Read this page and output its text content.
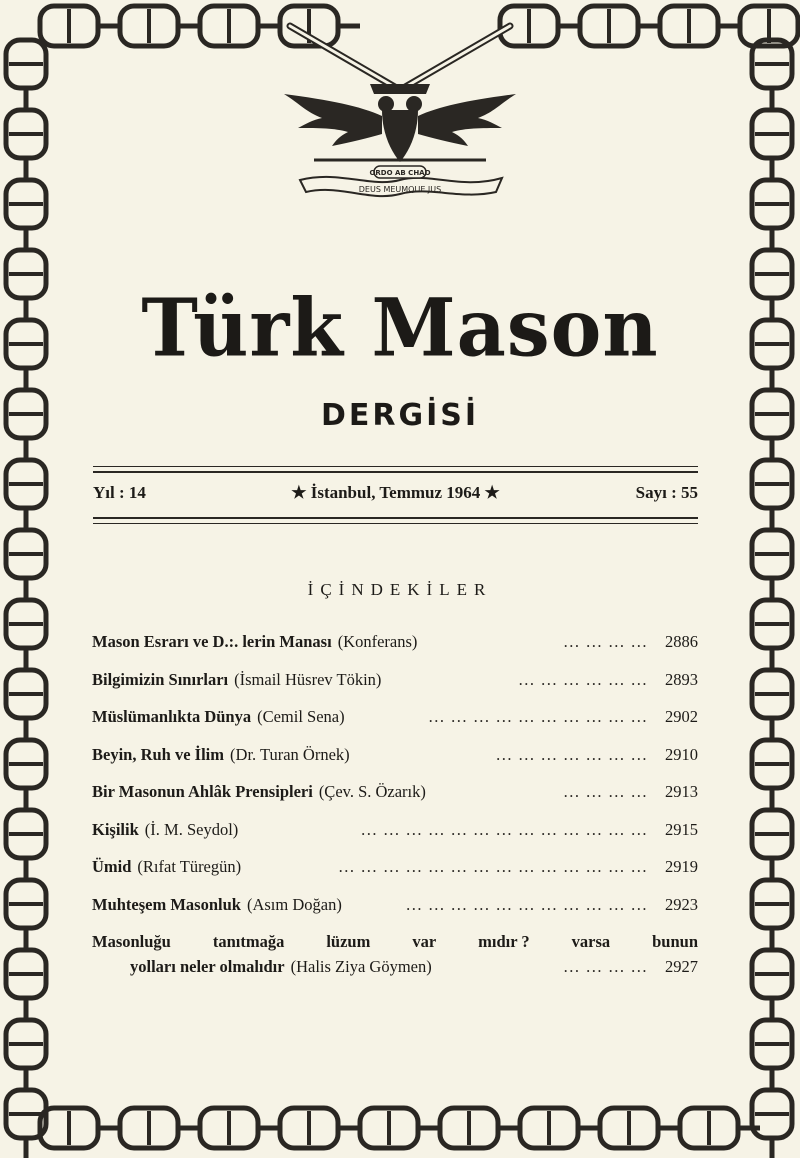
DEUS MEUMQUE JUS
ORDO AB CHAO
Türk Mason
DERGİSİ
Yıl : 14	★ İstanbul, Temmuz 1964 ★	Sayı : 55
İÇİNDEKİLER
Mason Esrarı ve D.:. lerin Manası (Konferans)	... ... ... ...	2886
Bilgimizin Sınırları (İsmail Hüsrev Tökin)	... ... ... ... ... ...	2893
Müslümanlıkta Dünya (Cemil Sena)	... ... ... ... ... ... ... ... ... ...	2902
Beyin, Ruh ve İlim (Dr. Turan Örnek)	... ... ... ... ... ... ...	2910
Bir Masonun Ahlâk Prensipleri (Çev. S. Özarık)	... ... ... ...	2913
Kişilik (İ. M. Seydol)	... ... ... ... ... ... ... ... ... ... ... ... ...	2915
Ümid (Rıfat Türegün)	... ... ... ... ... ... ... ... ... ... ... ... ... ...	2919
Muhteşem Masonluk (Asım Doğan)	... ... ... ... ... ... ... ... ... ... ...	2923
Masonluğu	tanıtmağa	lüzum	var	mıdır ?	varsa	bunun
yolları neler olmalıdır (Halis Ziya Göymen)	... ... ... ...	2927
